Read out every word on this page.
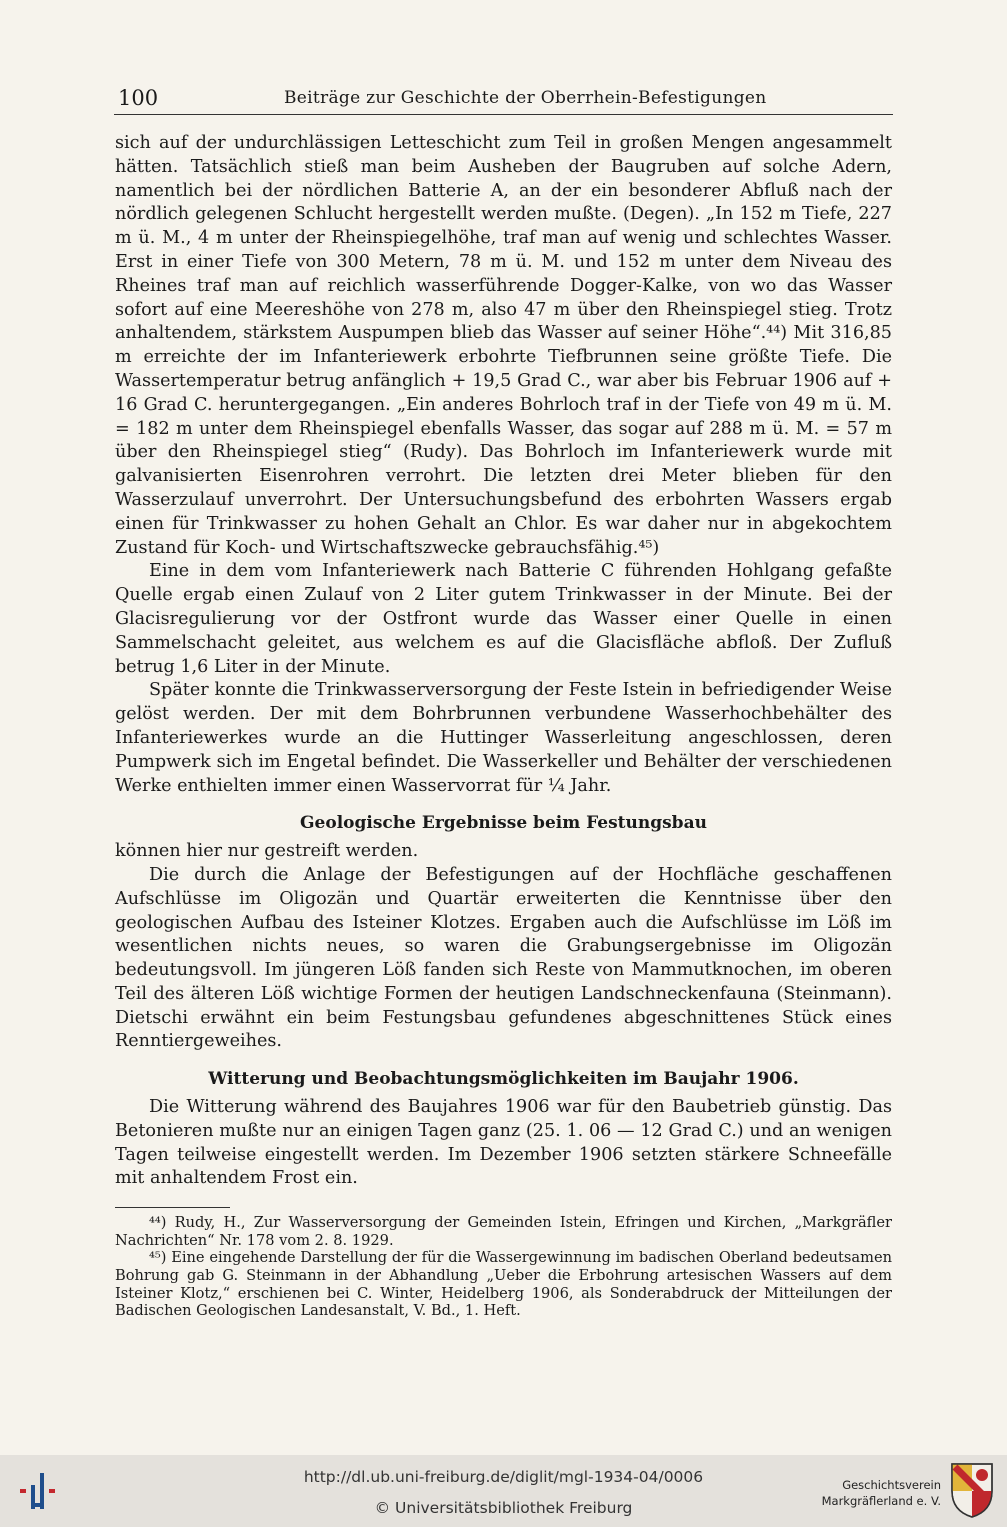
100	Beiträge zur Geschichte der Oberrhein-Befestigungen

sich auf der undurchlässigen Letteschicht zum Teil in großen Mengen angesammelt hätten. Tatsächlich stieß man beim Ausheben der Baugruben auf solche Adern, namentlich bei der nördlichen Batterie A, an der ein besonderer Abfluß nach der nördlich gelegenen Schlucht hergestellt werden mußte. (Degen). „In 152 m Tiefe, 227 m ü. M., 4 m unter der Rheinspiegelhöhe, traf man auf wenig und schlechtes Wasser. Erst in einer Tiefe von 300 Metern, 78 m ü. M. und 152 m unter dem Niveau des Rheines traf man auf reichlich wasserführende Dogger-Kalke, von wo das Wasser sofort auf eine Meereshöhe von 278 m, also 47 m über den Rheinspiegel stieg. Trotz anhaltendem, stärkstem Auspumpen blieb das Wasser auf seiner Höhe“.⁴⁴) Mit 316,85 m erreichte der im Infanteriewerk erbohrte Tiefbrunnen seine größte Tiefe. Die Wassertemperatur betrug anfänglich + 19,5 Grad C., war aber bis Februar 1906 auf + 16 Grad C. heruntergegangen. „Ein anderes Bohrloch traf in der Tiefe von 49 m ü. M. = 182 m unter dem Rheinspiegel ebenfalls Wasser, das sogar auf 288 m ü. M. = 57 m über den Rheinspiegel stieg“ (Rudy). Das Bohrloch im Infanteriewerk wurde mit galvanisierten Eisenrohren verrohrt. Die letzten drei Meter blieben für den Wasserzulauf unverrohrt. Der Untersuchungsbefund des erbohrten Wassers ergab einen für Trinkwasser zu hohen Gehalt an Chlor. Es war daher nur in abgekochtem Zustand für Koch- und Wirtschaftszwecke gebrauchsfähig.⁴⁵)

Eine in dem vom Infanteriewerk nach Batterie C führenden Hohlgang gefaßte Quelle ergab einen Zulauf von 2 Liter gutem Trinkwasser in der Minute. Bei der Glacisregulierung vor der Ostfront wurde das Wasser einer Quelle in einen Sammelschacht geleitet, aus welchem es auf die Glacisfläche abfloß. Der Zufluß betrug 1,6 Liter in der Minute.

Später konnte die Trinkwasserversorgung der Feste Istein in befriedigender Weise gelöst werden. Der mit dem Bohrbrunnen verbundene Wasserhochbehälter des Infanteriewerkes wurde an die Huttinger Wasserleitung angeschlossen, deren Pumpwerk sich im Engetal befindet. Die Wasserkeller und Behälter der verschiedenen Werke enthielten immer einen Wasservorrat für ¼ Jahr.

Geologische Ergebnisse beim Festungsbau

können hier nur gestreift werden.

Die durch die Anlage der Befestigungen auf der Hochfläche geschaffenen Aufschlüsse im Oligozän und Quartär erweiterten die Kenntnisse über den geologischen Aufbau des Isteiner Klotzes. Ergaben auch die Aufschlüsse im Löß im wesentlichen nichts neues, so waren die Grabungsergebnisse im Oligozän bedeutungsvoll. Im jüngeren Löß fanden sich Reste von Mammutknochen, im oberen Teil des älteren Löß wichtige Formen der heutigen Landschneckenfauna (Steinmann). Dietschi erwähnt ein beim Festungsbau gefundenes abgeschnittenes Stück eines Renntiergeweihes.

Witterung und Beobachtungsmöglichkeiten im Baujahr 1906.

Die Witterung während des Baujahres 1906 war für den Baubetrieb günstig. Das Betonieren mußte nur an einigen Tagen ganz (25. 1. 06 — 12 Grad C.) und an wenigen Tagen teilweise eingestellt werden. Im Dezember 1906 setzten stärkere Schneefälle mit anhaltendem Frost ein.

⁴⁴) Rudy, H., Zur Wasserversorgung der Gemeinden Istein, Efringen und Kirchen, „Markgräfler Nachrichten“ Nr. 178 vom 2. 8. 1929.

⁴⁵) Eine eingehende Darstellung der für die Wassergewinnung im badischen Oberland bedeutsamen Bohrung gab G. Steinmann in der Abhandlung „Ueber die Erbohrung artesischen Wassers auf dem Isteiner Klotz,“ erschienen bei C. Winter, Heidelberg 1906, als Sonderabdruck der Mitteilungen der Badischen Geologischen Landesanstalt, V. Bd., 1. Heft.

http://dl.ub.uni-freiburg.de/diglit/mgl-1934-04/0006
© Universitätsbibliothek Freiburg
Geschichtsverein
Markgräflerland e. V.
